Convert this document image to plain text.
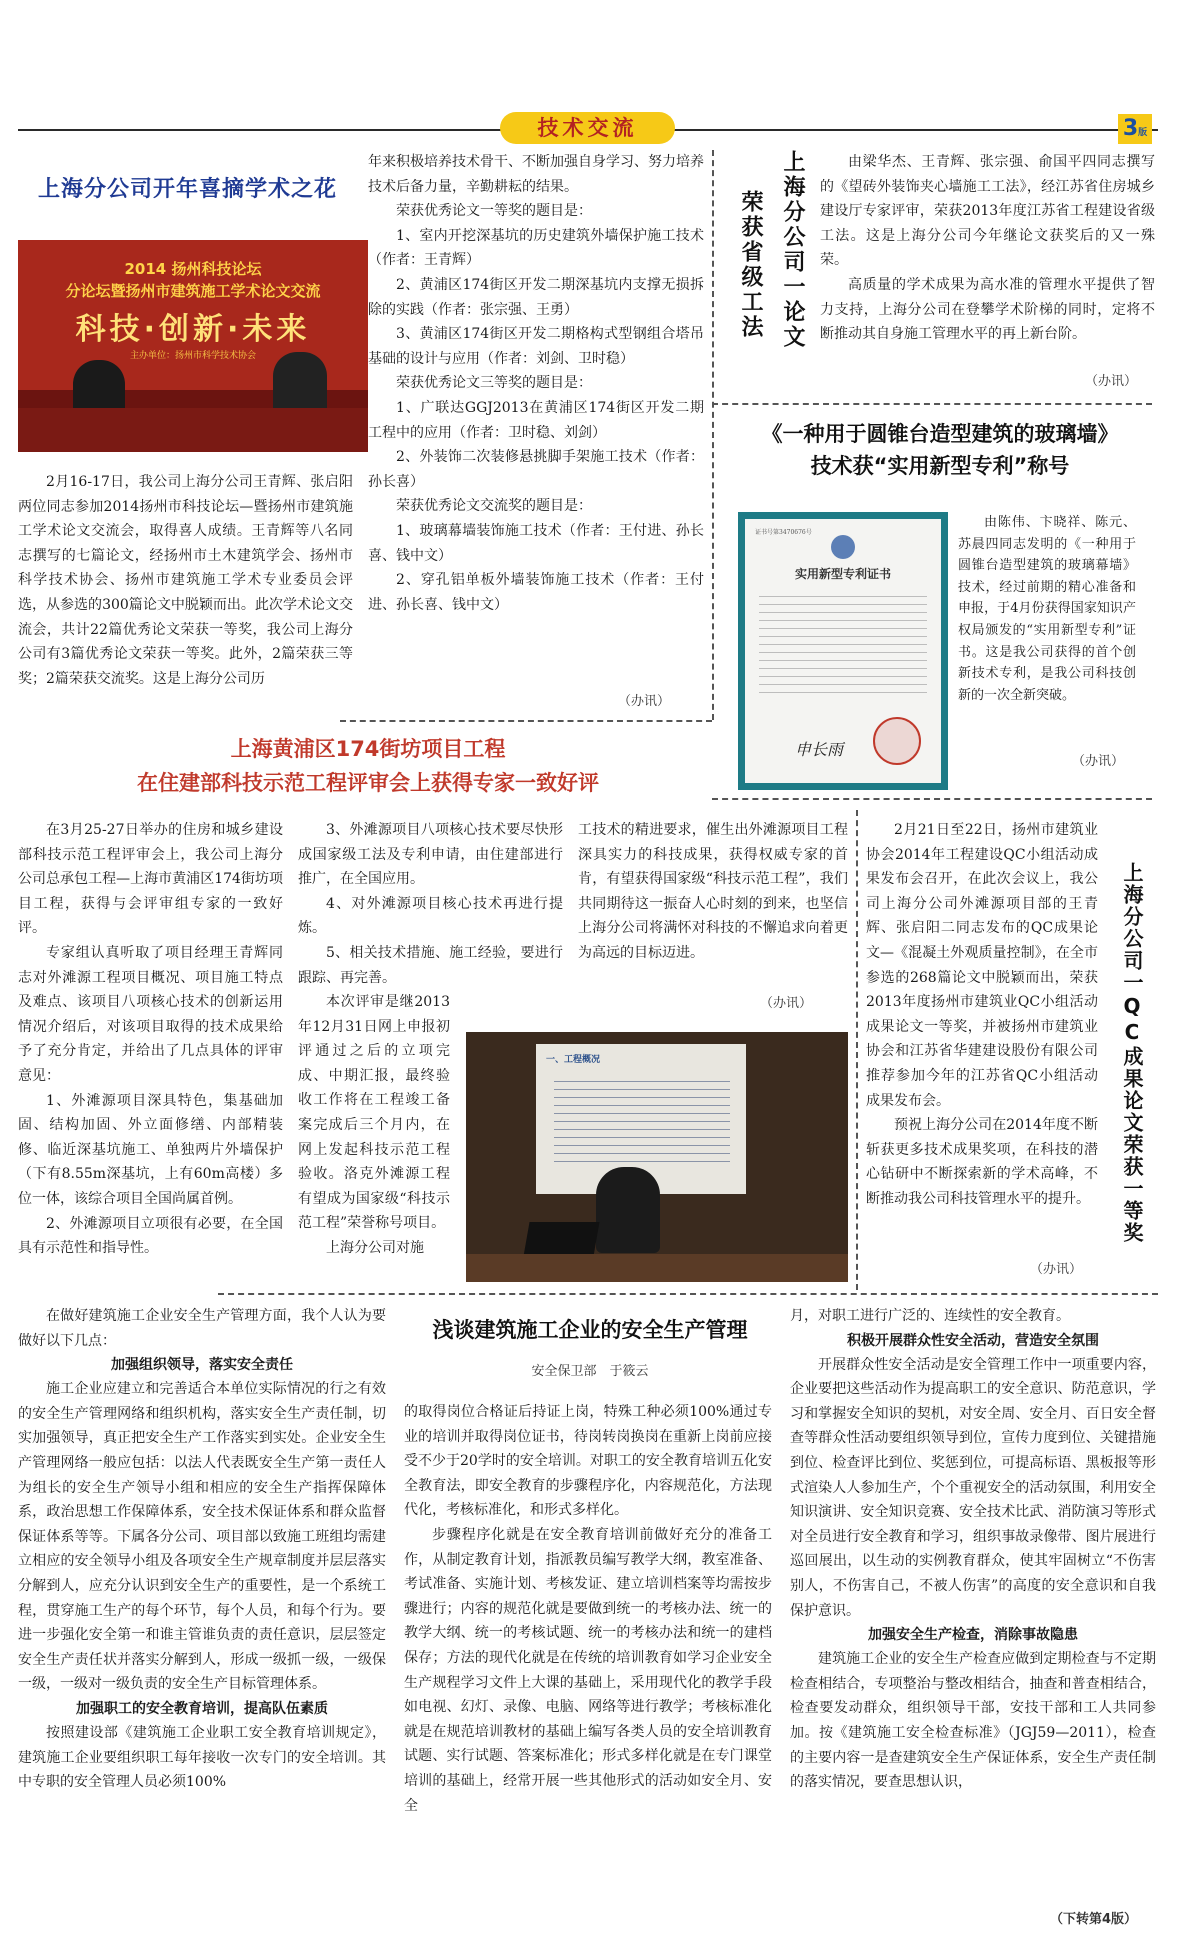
技术交流	3版
上海分公司开年喜摘学术之花
2014 扬州科技论坛
分论坛暨扬州市建筑施工学术论文交流
科技·创新·未来
主办单位：扬州市科学技术协会

2月16-17日，我公司上海分公司王青辉、张启阳两位同志参加2014扬州市科技论坛—暨扬州市建筑施工学术论文交流会，取得喜人成绩。王青辉等八名同志撰写的七篇论文，经扬州市土木建筑学会、扬州市科学技术协会、扬州市建筑施工学术专业委员会评选，从参选的300篇论文中脱颖而出。此次学术论文交流会，共计22篇优秀论文荣获一等奖，我公司上海分公司有3篇优秀论文荣获一等奖。此外，2篇荣获三等奖；2篇荣获交流奖。这是上海分公司历

年来积极培养技术骨干、不断加强自身学习、努力培养技术后备力量，辛勤耕耘的结果。

荣获优秀论文一等奖的题目是：

1、室内开挖深基坑的历史建筑外墙保护施工技术（作者：王青辉）

2、黄浦区174街区开发二期深基坑内支撑无损拆除的实践（作者：张宗强、王勇）

3、黄浦区174街区开发二期格构式型钢组合塔吊基础的设计与应用（作者：刘剑、卫时稳）

荣获优秀论文三等奖的题目是：

1、广联达GGJ2013在黄浦区174街区开发二期工程中的应用（作者：卫时稳、刘剑）

2、外装饰二次装修悬挑脚手架施工技术（作者：孙长喜）

荣获优秀论文交流奖的题目是：

1、玻璃幕墙装饰施工技术（作者：王付进、孙长喜、钱中文）

2、穿孔铝单板外墙装饰施工技术（作者：王付进、孙长喜、钱中文）

（办讯）
上海分公司一论文
荣获省级工法

由梁华杰、王青辉、张宗强、俞国平四同志撰写的《望砖外装饰夹心墙施工工法》，经江苏省住房城乡建设厅专家评审，荣获2013年度江苏省工程建设省级工法。这是上海分公司今年继论文获奖后的又一殊荣。

高质量的学术成果为高水准的管理水平提供了智力支持，上海分公司在登攀学术阶梯的同时，定将不断推动其自身施工管理水平的再上新台阶。

（办讯）
《一种用于圆锥台造型建筑的玻璃墙》
技术获“实用新型专利”称号
证书号第3470676号
实用新型专利证书
申长雨

由陈伟、卞晓祥、陈元、苏晨四同志发明的《一种用于圆锥台造型建筑的玻璃幕墙》技术，经过前期的精心准备和申报，于4月份获得国家知识产权局颁发的“实用新型专利”证书。这是我公司获得的首个创新技术专利，是我公司科技创新的一次全新突破。

（办讯）
上海黄浦区174街坊项目工程
在住建部科技示范工程评审会上获得专家一致好评

在3月25-27日举办的住房和城乡建设部科技示范工程评审会上，我公司上海分公司总承包工程—上海市黄浦区174街坊项目工程，获得与会评审组专家的一致好评。

专家组认真听取了项目经理王青辉同志对外滩源工程项目概况、项目施工特点及难点、该项目八项核心技术的创新运用情况介绍后，对该项目取得的技术成果给予了充分肯定，并给出了几点具体的评审意见：

1、外滩源项目深具特色，集基础加固、结构加固、外立面修缮、内部精装修、临近深基坑施工、单独两片外墙保护（下有8.55m深基坑，上有60m高楼）多位一体，该综合项目全国尚属首例。

2、外滩源项目立项很有必要，在全国具有示范性和指导性。

3、外滩源项目八项核心技术要尽快形成国家级工法及专利申请，由住建部进行推广，在全国应用。

4、对外滩源项目核心技术再进行提炼。

5、相关技术措施、施工经验，要进行跟踪、再完善。

本次评审是继2013年12月31日网上申报初评通过之后的立项完成、中期汇报，最终验收工作将在工程竣工备案完成后三个月内，在网上发起科技示范工程验收。洛克外滩源工程有望成为国家级“科技示范工程”荣誉称号项目。

上海分公司对施

工技术的精进要求，催生出外滩源项目工程深具实力的科技成果，获得权威专家的首肯，有望获得国家级“科技示范工程”，我们共同期待这一振奋人心时刻的到来，也坚信上海分公司将满怀对科技的不懈追求向着更为高远的目标迈进。

（办讯）
一、工程概况

2月21日至22日，扬州市建筑业协会2014年工程建设QC小组活动成果发布会召开，在此次会议上，我公司上海分公司外滩源项目部的王青辉、张启阳二同志发布的QC成果论文—《混凝土外观质量控制》，在全市参选的268篇论文中脱颖而出，荣获2013年度扬州市建筑业QC小组活动成果论文一等奖，并被扬州市建筑业协会和江苏省华建建设股份有限公司推荐参加今年的江苏省QC小组活动成果发布会。

预祝上海分公司在2014年度不断斩获更多技术成果奖项，在科技的潜心钻研中不断探索新的学术高峰，不断推动我公司科技管理水平的提升。	上海分公司一QC成果论文荣获一等奖
（办讯）

在做好建筑施工企业安全生产管理方面，我个人认为要做好以下几点：

加强组织领导，落实安全责任

施工企业应建立和完善适合本单位实际情况的行之有效的安全生产管理网络和组织机构，落实安全生产责任制，切实加强领导，真正把安全生产工作落实到实处。企业安全生产管理网络一般应包括：以法人代表既安全生产第一责任人为组长的安全生产领导小组和相应的安全生产指挥保障体系，政治思想工作保障体系，安全技术保证体系和群众监督保证体系等等。下属各分公司、项目部以致施工班组均需建立相应的安全领导小组及各项安全生产规章制度并层层落实分解到人，应充分认识到安全生产的重要性，是一个系统工程，贯穿施工生产的每个环节，每个人员，和每个行为。要进一步强化安全第一和谁主管谁负责的责任意识，层层签定安全生产责任状并落实分解到人，形成一级抓一级，一级保一级，一级对一级负责的安全生产目标管理体系。

加强职工的安全教育培训，提高队伍素质

按照建设部《建筑施工企业职工安全教育培训规定》，建筑施工企业要组织职工每年接收一次专门的安全培训。其中专职的安全管理人员必须100%

浅谈建筑施工企业的安全生产管理
安全保卫部　于筱云

的取得岗位合格证后持证上岗，特殊工种必须100%通过专业的培训并取得岗位证书，待岗转岗换岗在重新上岗前应接受不少于20学时的安全培训。对职工的安全教育培训五化安全教育法，即安全教育的步骤程序化，内容规范化，方法现代化，考核标准化，和形式多样化。

步骤程序化就是在安全教育培训前做好充分的准备工作，从制定教育计划，指派教员编写教学大纲，教室准备、考试准备、实施计划、考核发证、建立培训档案等均需按步骤进行；内容的规范化就是要做到统一的考核办法、统一的教学大纲、统一的考核试题、统一的考核办法和统一的建档保存；方法的现代化就是在传统的培训教育如学习企业安全生产规程学习文件上大课的基础上，采用现代化的教学手段如电视、幻灯、录像、电脑、网络等进行教学；考核标准化就是在规范培训教材的基础上编写各类人员的安全培训教育试题、实行试题、答案标准化；形式多样化就是在专门课堂培训的基础上，经常开展一些其他形式的活动如安全月、安全

月，对职工进行广泛的、连续性的安全教育。

积极开展群众性安全活动，营造安全氛围

开展群众性安全活动是安全管理工作中一项重要内容，企业要把这些活动作为提高职工的安全意识、防范意识，学习和掌握安全知识的契机，对安全周、安全月、百日安全督查等群众性活动要组织领导到位，宣传力度到位、关键措施到位、检查评比到位、奖惩到位，可提高标语、黑板报等形式渲染人人参加生产，个个重视安全的活动氛围，利用安全知识演讲、安全知识竞赛、安全技术比武、消防演习等形式对全员进行安全教育和学习，组织事故录像带、图片展进行巡回展出，以生动的实例教育群众，使其牢固树立“不伤害别人，不伤害自己，不被人伤害”的高度的安全意识和自我保护意识。

加强安全生产检查，消除事故隐患

建筑施工企业的安全生产检查应做到定期检查与不定期检查相结合，专项整治与整改相结合，抽查和普查相结合，检查要发动群众，组织领导干部，安技干部和工人共同参加。按《建筑施工安全检查标准》（JGJ59—2011），检查的主要内容一是查建筑安全生产保证体系，安全生产责任制的落实情况，要查思想认识，

（下转第4版）
